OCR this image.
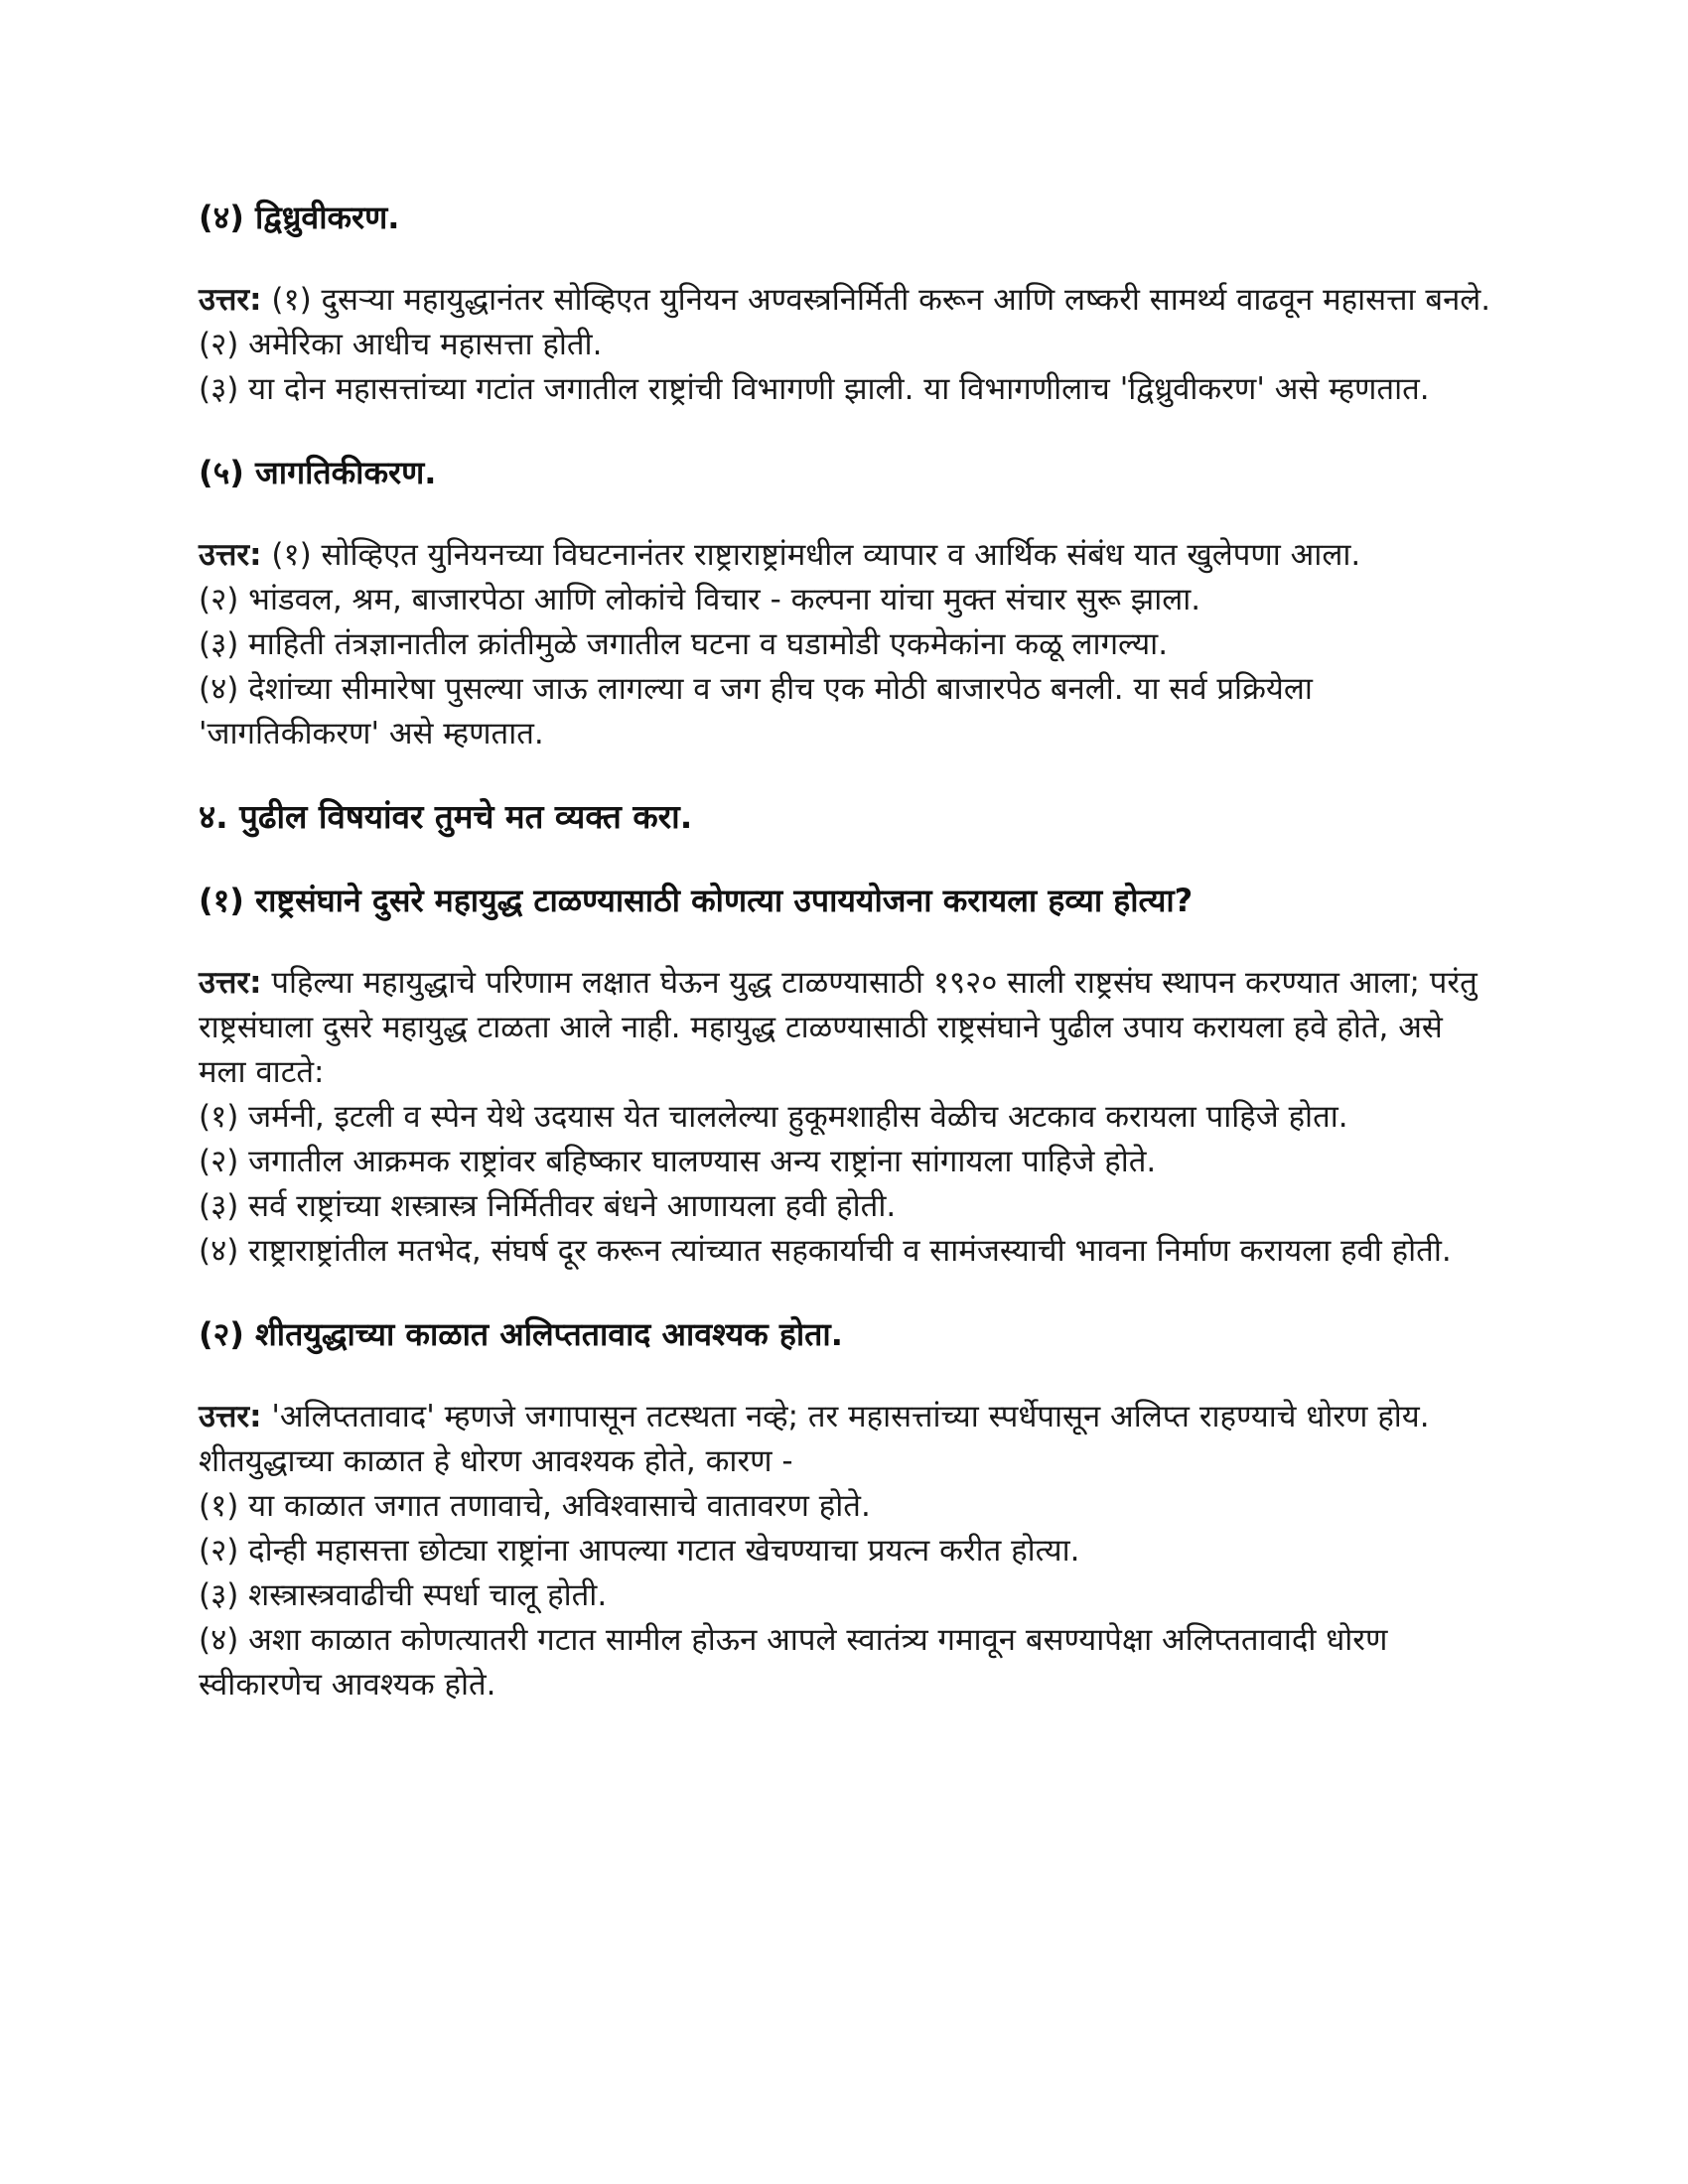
(४) द्विध्रुवीकरण.

उत्तर: (१) दुसऱ्या महायुद्धानंतर सोव्हिएत युनियन अण्वस्त्रनिर्मिती करून आणि लष्करी सामर्थ्य वाढवून महासत्ता बनले.

(२) अमेरिका आधीच महासत्ता होती.

(३) या दोन महासत्तांच्या गटांत जगातील राष्ट्रांची विभागणी झाली. या विभागणीलाच 'द्विध्रुवीकरण' असे म्हणतात.

(५) जागतिकीकरण.

उत्तर: (१) सोव्हिएत युनियनच्या विघटनानंतर राष्ट्राराष्ट्रांमधील व्यापार व आर्थिक संबंध यात खुलेपणा आला.

(२) भांडवल, श्रम, बाजारपेठा आणि लोकांचे विचार - कल्पना यांचा मुक्त संचार सुरू झाला.

(३) माहिती तंत्रज्ञानातील क्रांतीमुळे जगातील घटना व घडामोडी एकमेकांना कळू लागल्या.

(४) देशांच्या सीमारेषा पुसल्या जाऊ लागल्या व जग हीच एक मोठी बाजारपेठ बनली. या सर्व प्रक्रियेला 'जागतिकीकरण' असे म्हणतात.

४. पुढील विषयांवर तुमचे मत व्यक्त करा.

(१) राष्ट्रसंघाने दुसरे महायुद्ध टाळण्यासाठी कोणत्या उपाययोजना करायला हव्या होत्या?

उत्तर: पहिल्या महायुद्धाचे परिणाम लक्षात घेऊन युद्ध टाळण्यासाठी १९२० साली राष्ट्रसंघ स्थापन करण्यात आला; परंतु राष्ट्रसंघाला दुसरे महायुद्ध टाळता आले नाही. महायुद्ध टाळण्यासाठी राष्ट्रसंघाने पुढील उपाय करायला हवे होते, असे मला वाटते:

(१) जर्मनी, इटली व स्पेन येथे उदयास येत चाललेल्या हुकूमशाहीस वेळीच अटकाव करायला पाहिजे होता.

(२) जगातील आक्रमक राष्ट्रांवर बहिष्कार घालण्यास अन्य राष्ट्रांना सांगायला पाहिजे होते.

(३) सर्व राष्ट्रांच्या शस्त्रास्त्र निर्मितीवर बंधने आणायला हवी होती.

(४) राष्ट्राराष्ट्रांतील मतभेद, संघर्ष दूर करून त्यांच्यात सहकार्याची व सामंजस्याची भावना निर्माण करायला हवी होती.

(२) शीतयुद्धाच्या काळात अलिप्ततावाद आवश्यक होता.

उत्तर: 'अलिप्ततावाद' म्हणजे जगापासून तटस्थता नव्हे; तर महासत्तांच्या स्पर्धेपासून अलिप्त राहण्याचे धोरण होय. शीतयुद्धाच्या काळात हे धोरण आवश्यक होते, कारण -

(१) या काळात जगात तणावाचे, अविश्वासाचे वातावरण होते.

(२) दोन्ही महासत्ता छोट्या राष्ट्रांना आपल्या गटात खेचण्याचा प्रयत्न करीत होत्या.

(३) शस्त्रास्त्रवाढीची स्पर्धा चालू होती.

(४) अशा काळात कोणत्यातरी गटात सामील होऊन आपले स्वातंत्र्य गमावून बसण्यापेक्षा अलिप्ततावादी धोरण स्वीकारणेच आवश्यक होते.
